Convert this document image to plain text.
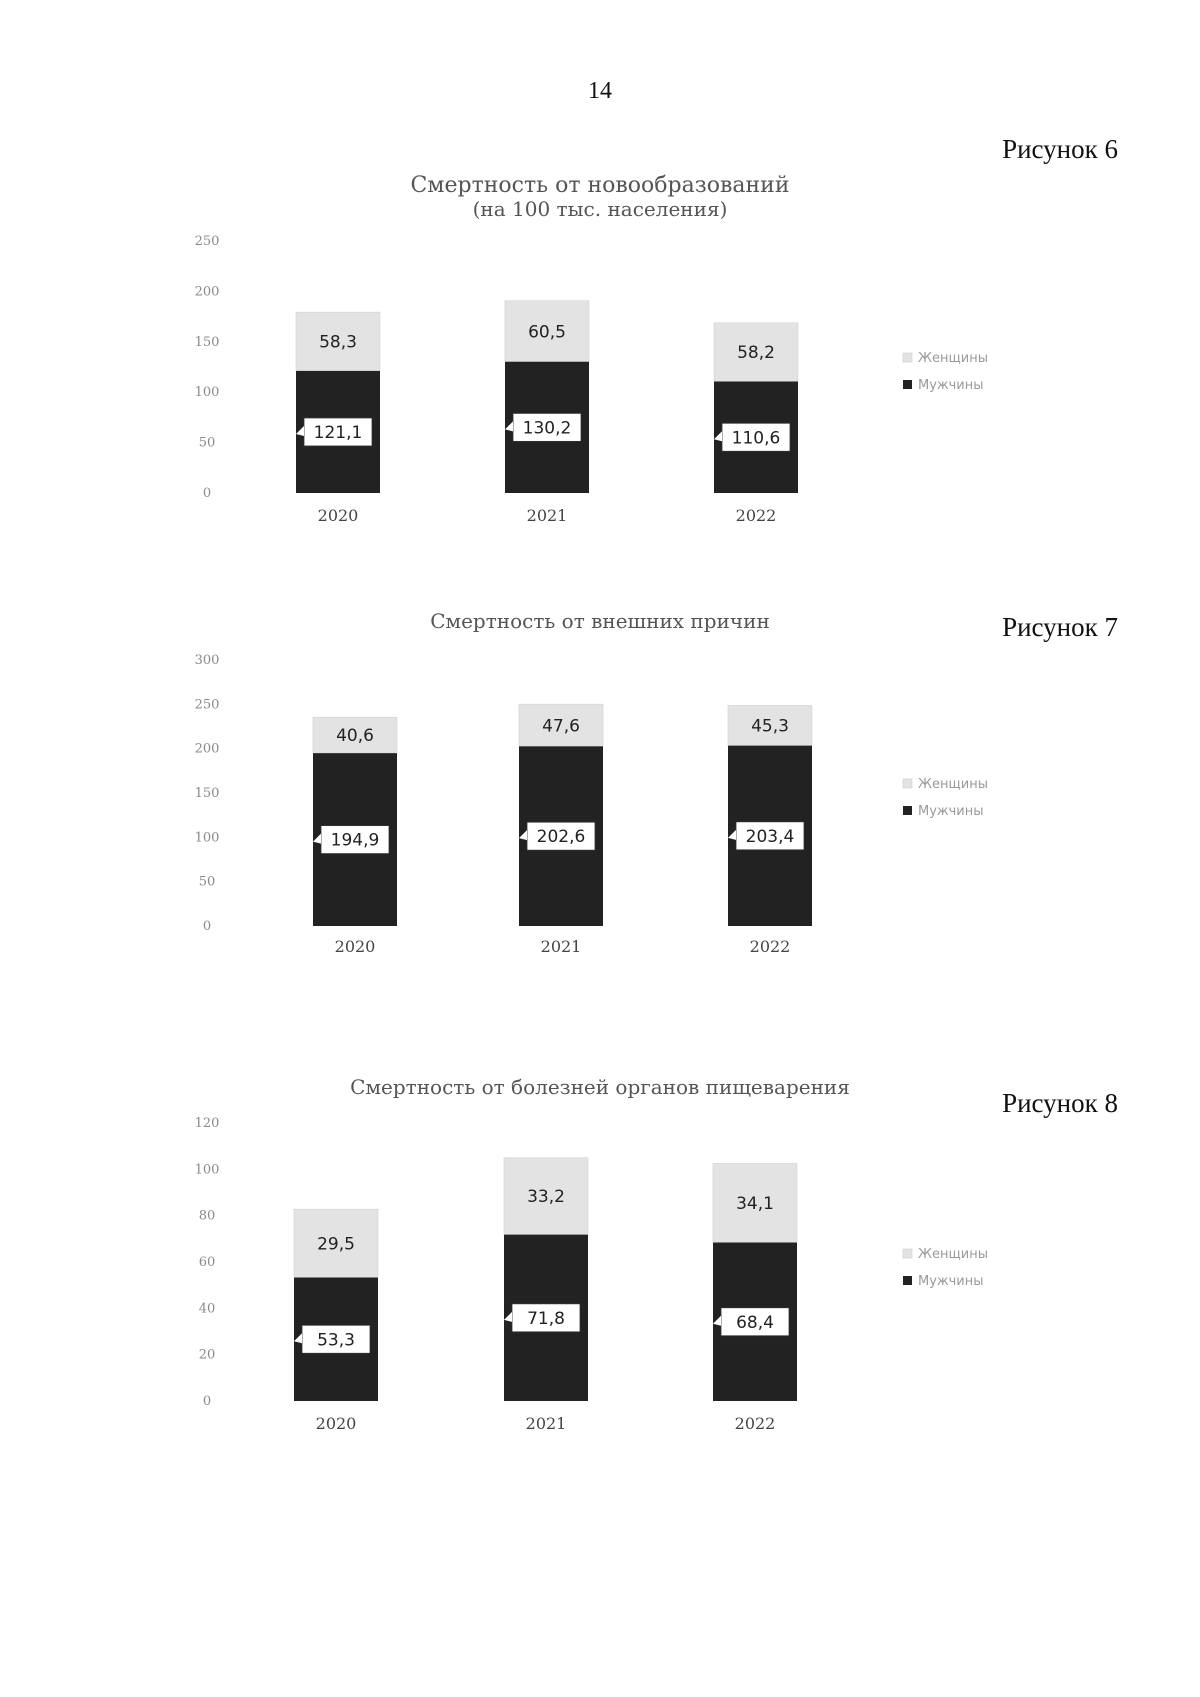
14
Рисунок 6
Смертность от новообразований
(на 100 тыс. населения)
0
50
100
150
200
250
58,3
121,1
2020
60,5
130,2
2021
58,2
110,6
2022
Женщины
Мужчины
Рисунок 7
Смертность от внешних причин
0
50
100
150
200
250
300
40,6
194,9
2020
47,6
202,6
2021
45,3
203,4
2022
Женщины
Мужчины
Рисунок 8
Смертность от болезней органов пищеварения
0
20
40
60
80
100
120
29,5
53,3
2020
33,2
71,8
2021
34,1
68,4
2022
Женщины
Мужчины
